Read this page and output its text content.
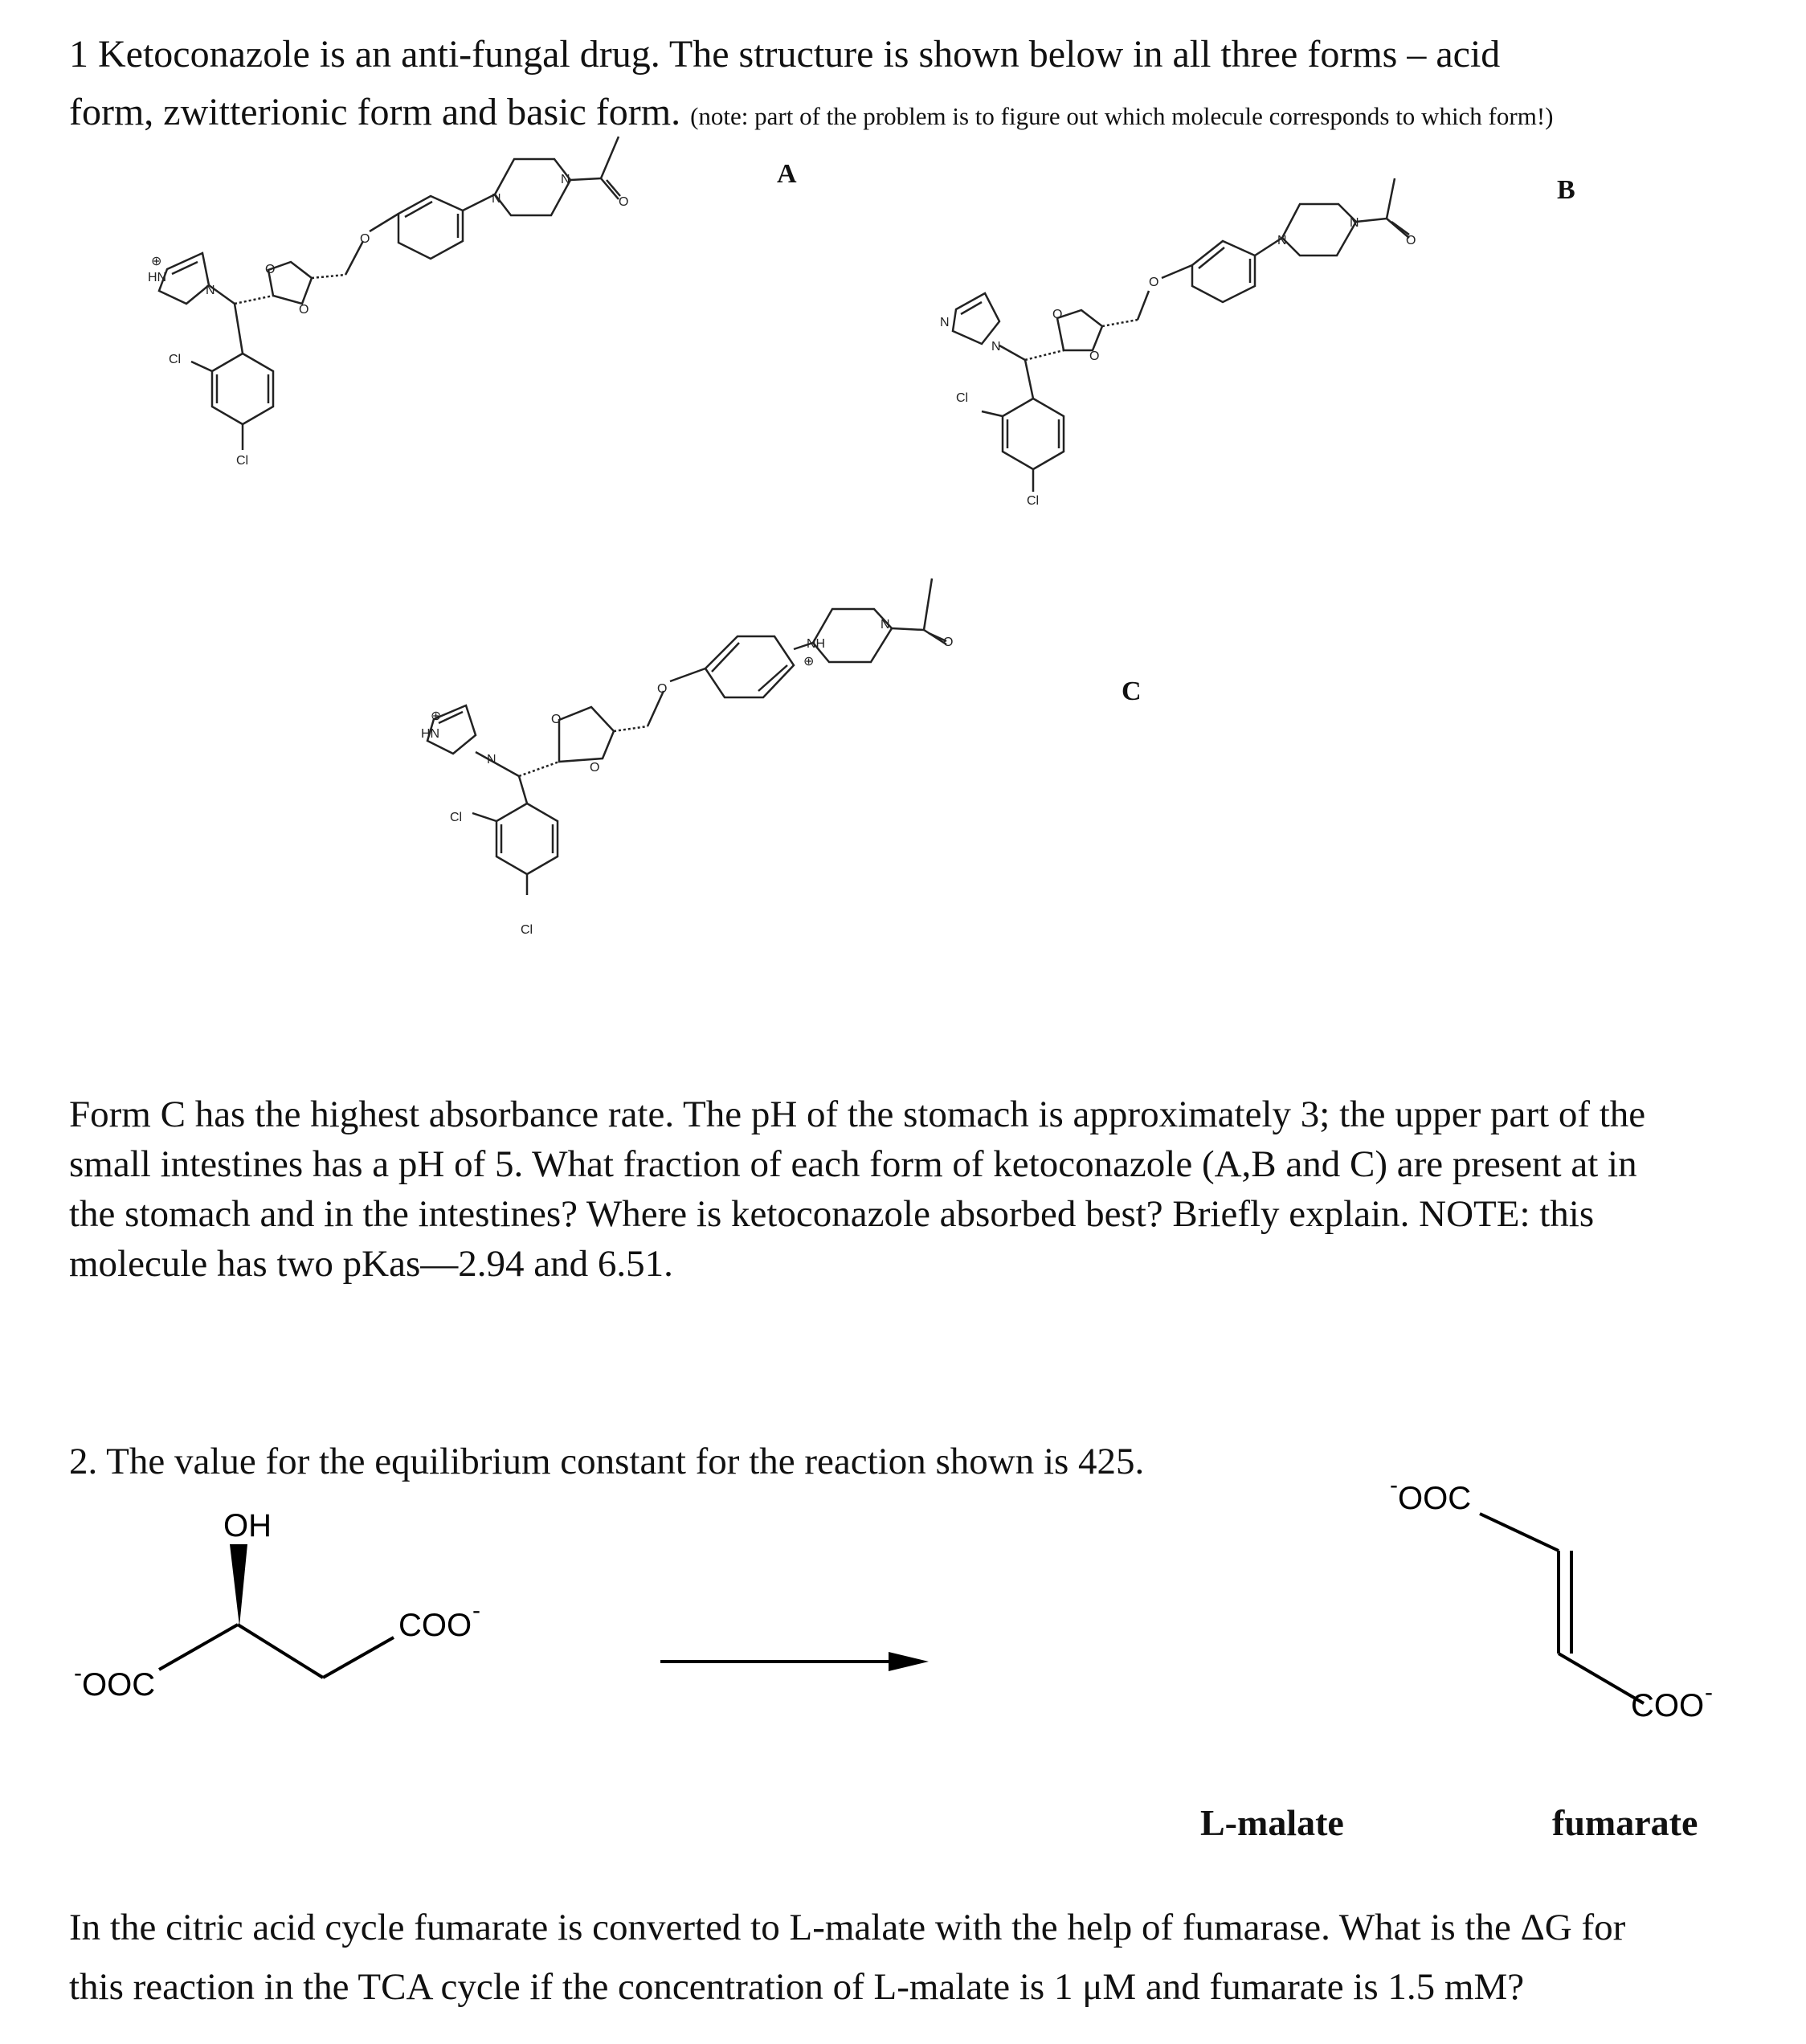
1 Ketoconazole is an anti-fungal drug. The structure is shown below in all three forms – acid
form, zwitterionic form and basic form. (note: part of the problem is to figure out which molecule corresponds to which form!)
A
B
C
HN
⊕
N
O
O
O
N
N
O
Cl
Cl
N
N
O
O
O
N
N
O
Cl
Cl
HN
⊕
N
O
O
O
NH
⊕
N
O
Cl
Cl
Form C has the highest absorbance rate. The pH of the stomach is approximately 3; the upper part of the
small intestines has a pH of 5. What fraction of each form of ketoconazole (A,B and C) are present at in
the stomach and in the intestines? Where is ketoconazole absorbed best? Briefly explain. NOTE: this
molecule has two pKas—2.94 and 6.51.
2. The value for the equilibrium constant for the reaction shown is 425.
OH
COO -
- OOC
- OOC
COO -
L-malate	fumarate
In the citric acid cycle fumarate is converted to L-malate with the help of fumarase. What is the ΔG for
this reaction in the TCA cycle if the concentration of L-malate is 1 μM and fumarate is 1.5 mM?
